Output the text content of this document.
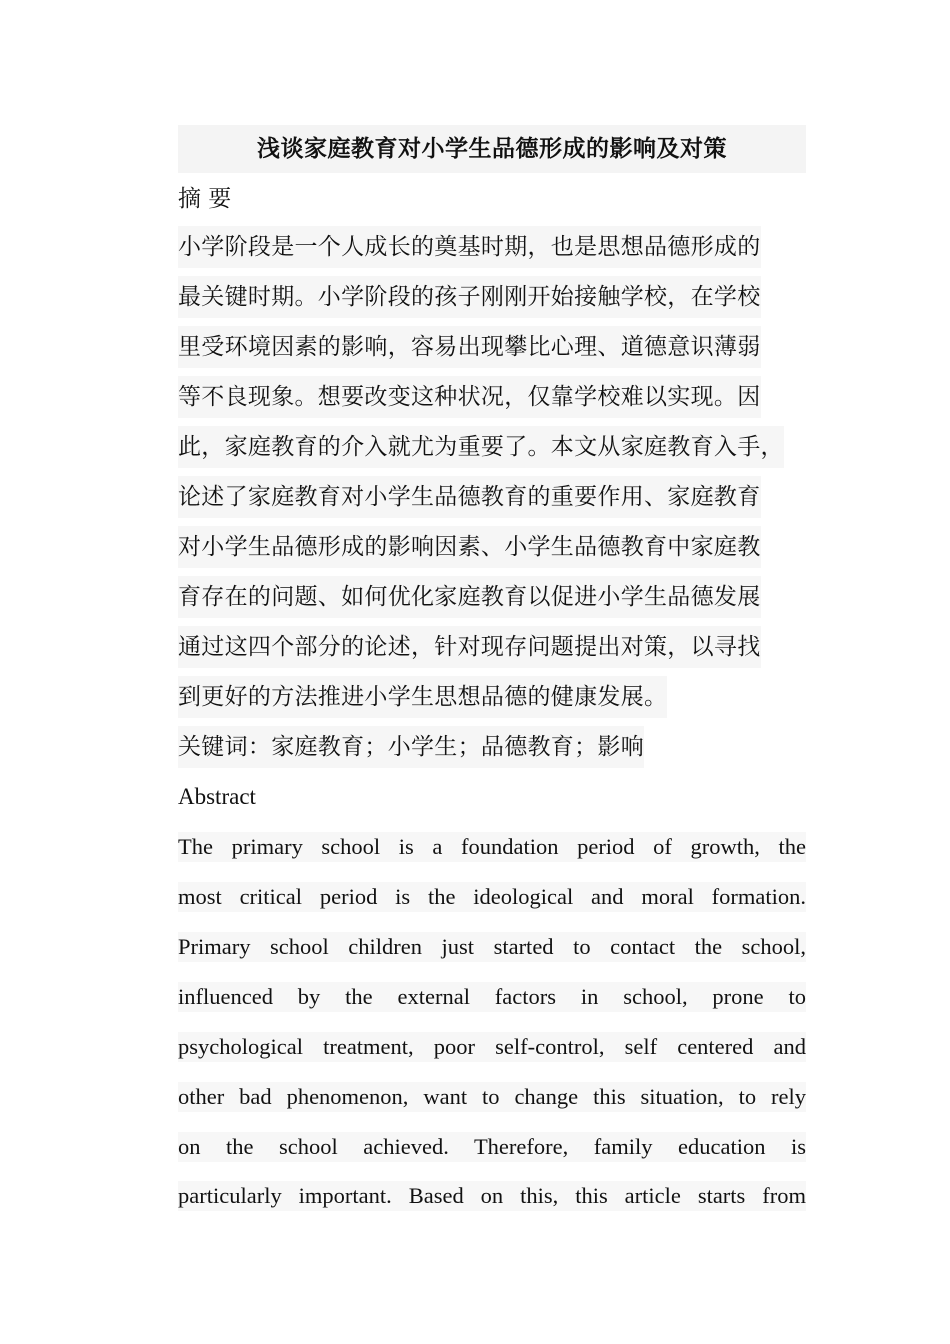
浅谈家庭教育对小学生品德形成的影响及对策
摘 要
小学阶段是一个人成长的奠基时期，也是思想品德形成的
最关键时期。小学阶段的孩子刚刚开始接触学校，在学校
里受环境因素的影响，容易出现攀比心理、道德意识薄弱
等不良现象。想要改变这种状况，仅靠学校难以实现。因
此，家庭教育的介入就尤为重要了。本文从家庭教育入手，
论述了家庭教育对小学生品德教育的重要作用、家庭教育
对小学生品德形成的影响因素、小学生品德教育中家庭教
育存在的问题、如何优化家庭教育以促进小学生品德发展
通过这四个部分的论述，针对现存问题提出对策，以寻找
到更好的方法推进小学生思想品德的健康发展。
关键词：家庭教育；小学生；品德教育；影响
Abstract
The primary school is a foundation period of growth, the
most critical period is the ideological and moral formation.
Primary school children just started to contact the school,
influenced by the external factors in school, prone to
psychological treatment, poor self-control, self centered and
other bad phenomenon, want to change this situation, to rely
on the school achieved. Therefore, family education is
particularly important. Based on this, this article starts from
